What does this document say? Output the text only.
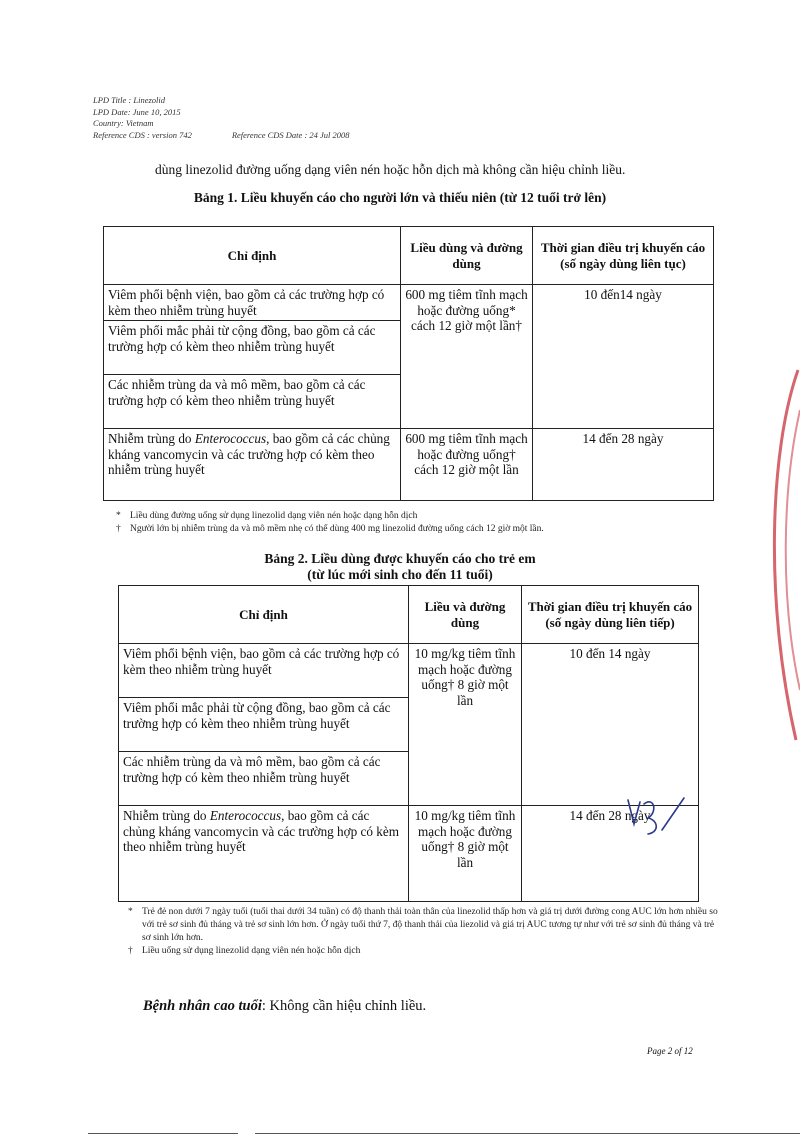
LPD Title : Linezolid
LPD Date: June 10, 2015
Country: Vietnam
Reference CDS : version 742	Reference CDS Date : 24 Jul 2008
dùng linezolid đường uống dạng viên nén hoặc hỗn dịch mà không cần hiệu chỉnh liều.
Bảng 1. Liều khuyến cáo cho người lớn và thiếu niên (từ 12 tuổi trở lên)
Chỉ định	Liều dùng và đường dùng	Thời gian điều trị khuyến cáo (số ngày dùng liên tục)
Viêm phổi bệnh viện, bao gồm cả các trường hợp có kèm theo nhiễm trùng huyết	600 mg tiêm tĩnh mạch hoặc đường uống* cách 12 giờ một lần†	10 đến14 ngày
Viêm phổi mắc phải từ cộng đồng, bao gồm cả các trường hợp có kèm theo nhiễm trùng huyết		
Các nhiễm trùng da và mô mềm, bao gồm cả các trường hợp có kèm theo nhiễm trùng huyết		
Nhiễm trùng do Enterococcus, bao gồm cả các chủng kháng vancomycin và các trường hợp có kèm theo nhiễm trùng huyết	600 mg tiêm tĩnh mạch hoặc đường uống† cách 12 giờ một lần	14 đến 28 ngày
* Liều dùng đường uống sử dụng linezolid dạng viên nén hoặc dạng hỗn dịch
† Người lớn bị nhiễm trùng da và mô mềm nhẹ có thể dùng 400 mg linezolid đường uống cách 12 giờ một lần.
Bảng 2. Liều dùng được khuyến cáo cho trẻ em
(từ lúc mới sinh cho đến 11 tuổi)
Chỉ định	Liều và đường dùng	Thời gian điều trị khuyến cáo (số ngày dùng liên tiếp)
Viêm phổi bệnh viện, bao gồm cả các trường hợp có kèm theo nhiễm trùng huyết	10 mg/kg tiêm tĩnh mạch hoặc đường uống† 8 giờ một lần	10 đến 14 ngày
Viêm phổi mắc phải từ cộng đồng, bao gồm cả các trường hợp có kèm theo nhiễm trùng huyết		
Các nhiễm trùng da và mô mềm, bao gồm cả các trường hợp có kèm theo nhiễm trùng huyết		
Nhiễm trùng do Enterococcus, bao gồm cả các chủng kháng vancomycin và các trường hợp có kèm theo nhiễm trùng huyết	10 mg/kg tiêm tĩnh mạch hoặc đường uống† 8 giờ một lần	14 đến 28 ngày
* Trẻ đẻ non dưới 7 ngày tuổi (tuổi thai dưới 34 tuần) có độ thanh thải toàn thân của linezolid thấp hơn và giá trị dưới đường cong AUC lớn hơn nhiều so với trẻ sơ sinh đủ tháng và trẻ sơ sinh lớn hơn. Ở ngày tuổi thứ 7, độ thanh thải của liezolid và giá trị AUC tương tự như với trẻ sơ sinh đủ tháng và trẻ sơ sinh lớn hơn.
† Liều uống sử dụng linezolid dạng viên nén hoặc hỗn dịch
Bệnh nhân cao tuổi: Không cần hiệu chỉnh liều.
Page 2 of 12
